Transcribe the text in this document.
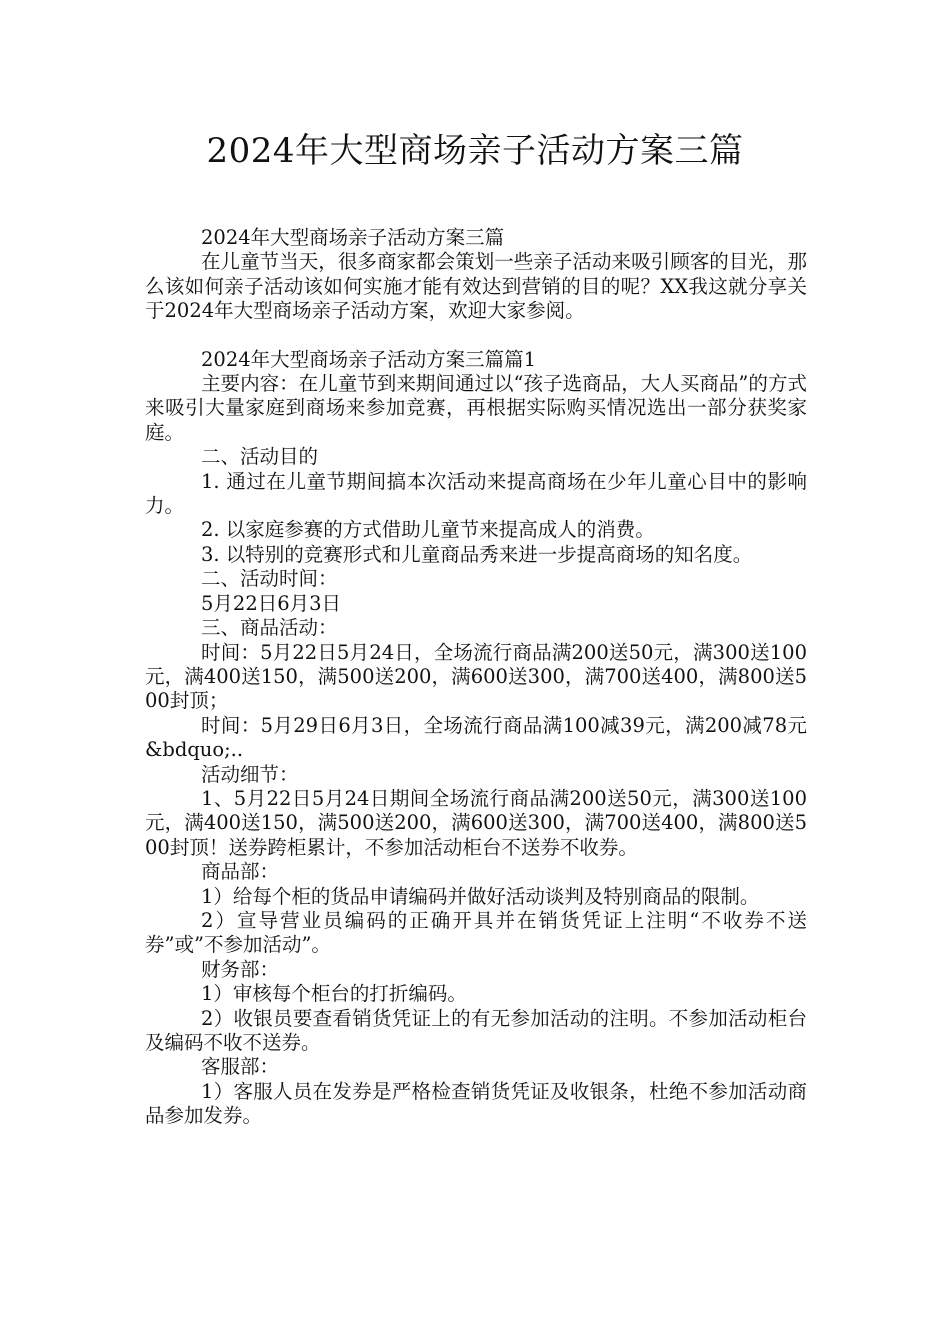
2024年大型商场亲子活动方案三篇

2024年大型商场亲子活动方案三篇

在儿童节当天，很多商家都会策划一些亲子活动来吸引顾客的目光，那么该如何亲子活动该如何实施才能有效达到营销的目的呢？XX我这就分享关于2024年大型商场亲子活动方案，欢迎大家参阅。

2024年大型商场亲子活动方案三篇篇1

主要内容：在儿童节到来期间通过以“孩子选商品，大人买商品”的方式来吸引大量家庭到商场来参加竞赛，再根据实际购买情况选出一部分获奖家庭。

二、活动目的

1. 通过在儿童节期间搞本次活动来提高商场在少年儿童心目中的影响力。

2. 以家庭参赛的方式借助儿童节来提高成人的消费。

3. 以特别的竞赛形式和儿童商品秀来进一步提高商场的知名度。

二、活动时间：

5月22日6月3日

三、商品活动：

时间：5月22日5月24日，全场流行商品满200送50元，满300送100元，满400送150，满500送200，满600送300，满700送400，满800送500封顶；

时间：5月29日6月3日，全场流行商品满100减39元，满200减78元&bdquo;..

活动细节：

1、5月22日5月24日期间全场流行商品满200送50元，满300送100元，满400送150，满500送200，满600送300，满700送400，满800送500封顶！送券跨柜累计，不参加活动柜台不送券不收券。

商品部：

1）给每个柜的货品申请编码并做好活动谈判及特别商品的限制。

2）宣导营业员编码的正确开具并在销货凭证上注明“不收券不送券”或”不参加活动”。

财务部：

1）审核每个柜台的打折编码。

2）收银员要查看销货凭证上的有无参加活动的注明。不参加活动柜台及编码不收不送券。

客服部：

1）客服人员在发券是严格检查销货凭证及收银条，杜绝不参加活动商品参加发券。
